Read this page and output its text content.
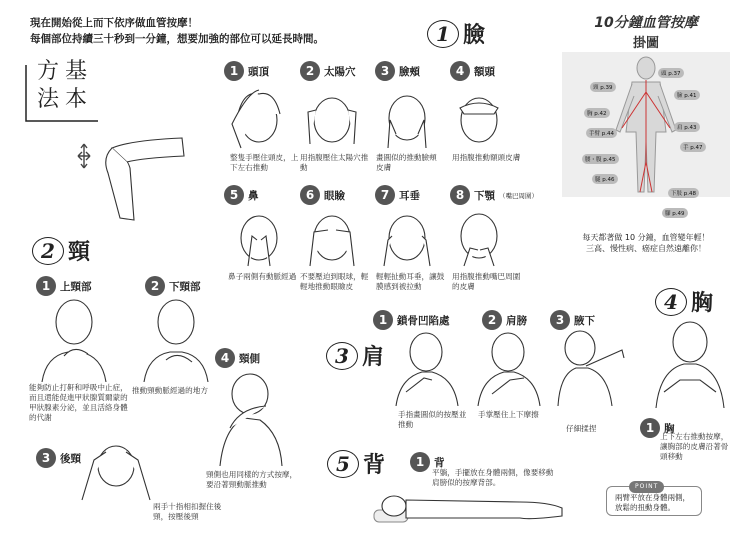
現在開始從上而下依序做血管按摩！
每個部位持續三十秒到一分鐘，想要加強的部位可以延長時間。
方 基
法 本
1 臉
1 頭頂	2 太陽穴	3 臉頰	4 額頭
整隻手壓住頭皮，上下左右推動
用指腹壓住太陽穴推動
畫圓似的推動臉頰皮膚
用指腹推動額頭皮膚
5 鼻	6 眼瞼	7 耳垂	8 下顎 （嘴巴周圍）
鼻子兩側有動脈經過 不要壓迫到眼球，輕輕地推動眼瞼皮
輕輕扯動耳垂，讓鼓膜感到被拉動
用指腹推動嘴巴周圍的皮膚
10分鐘血管按摩
掛圖
頭 p.37
頸 p.39
臉 p.41
胸 p.42
肩 p.43
手臂 p.44
手 p.47
腰・腹 p.45
腿 p.46
下肢 p.48
腳 p.49
每天都著做 10 分鐘，血管變年輕！
三高、慢性病、癌症自然遠離你！
2 頸
1 上頸部	2 下頸部
3 後頸
4 頸側
能夠防止打鼾和呼吸中止症，而且還能促進甲狀腺質爾蒙的甲狀腺素分泌，並且活絡身體的代謝
推動頸動脈經過的地方
兩手十指相扣握住後頸，按壓後頸
頸側也用同樣的方式按摩，要沿著頸動脈推動
3 肩
1 鎖骨凹陷處	2 肩膀	3 腋下
手指畫圓似的按壓並推動
手掌壓住上下摩擦
仔細揉捏
4 胸
1 胸
上下左右推動按摩，讓胸部的皮膚沿著骨頭移動
5 背	1 背
平躺，手擺放在身體兩側，像要移動肩膀似的按摩背部。	POINT
兩臂平放在身體兩側，放鬆的扭動身體。
